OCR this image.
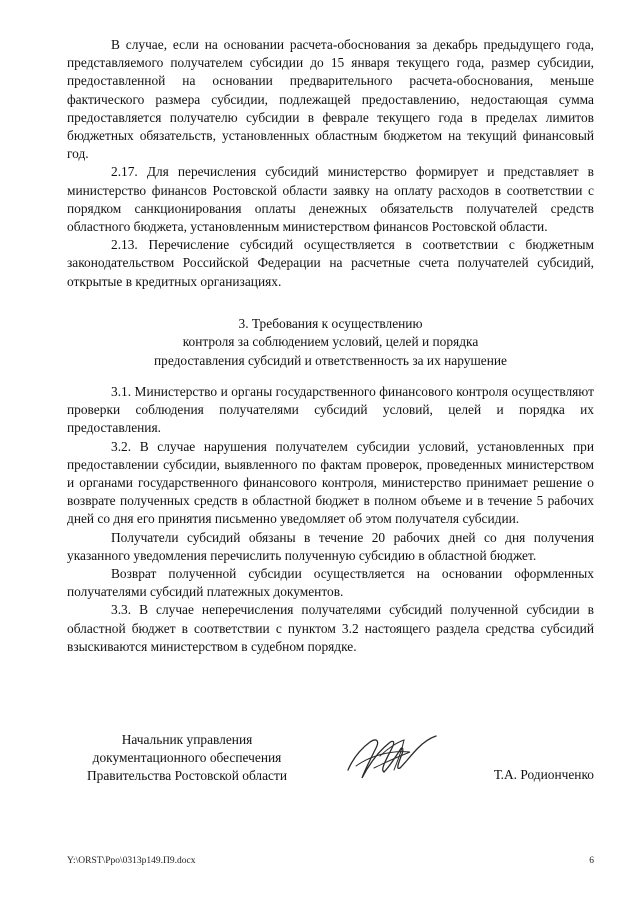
В случае, если на основании расчета-обоснования за декабрь предыдущего года, представляемого получателем субсидии до 15 января текущего года, размер субсидии, предоставленной на основании предварительного расчета-обоснования, меньше фактического размера субсидии, подлежащей предоставлению, недостающая сумма предоставляется получателю субсидии в феврале текущего года в пределах лимитов бюджетных обязательств, установленных областным бюджетом на текущий финансовый год.

2.17. Для перечисления субсидий министерство формирует и представляет в министерство финансов Ростовской области заявку на оплату расходов в соответствии с порядком санкционирования оплаты денежных обязательств получателей средств областного бюджета, установленным министерством финансов Ростовской области.

2.13. Перечисление субсидий осуществляется в соответствии с бюджетным законодательством Российской Федерации на расчетные счета получателей субсидий, открытые в кредитных организациях.

3. Требования к осуществлению
контроля за соблюдением условий, целей и порядка
предоставления субсидий и ответственность за их нарушение

3.1. Министерство и органы государственного финансового контроля осуществляют проверки соблюдения получателями субсидий условий, целей и порядка их предоставления.

3.2. В случае нарушения получателем субсидии условий, установленных при предоставлении субсидии, выявленного по фактам проверок, проведенных министерством и органами государственного финансового контроля, министерство принимает решение о возврате полученных средств в областной бюджет в полном объеме и в течение 5 рабочих дней со дня его принятия письменно уведомляет об этом получателя субсидии.

Получатели субсидий обязаны в течение 20 рабочих дней со дня получения указанного уведомления перечислить полученную субсидию в областной бюджет.

Возврат полученной субсидии осуществляется на основании оформленных получателями субсидий платежных документов.

3.3. В случае неперечисления получателями субсидий полученной субсидии в областной бюджет в соответствии с пунктом 3.2 настоящего раздела средства субсидий взыскиваются министерством в судебном порядке.

Начальник управления
документационного обеспечения
Правительства Ростовской области	Т.А. Родионченко
Y:\ORST\Ppo\0313p149.П9.docx	6
